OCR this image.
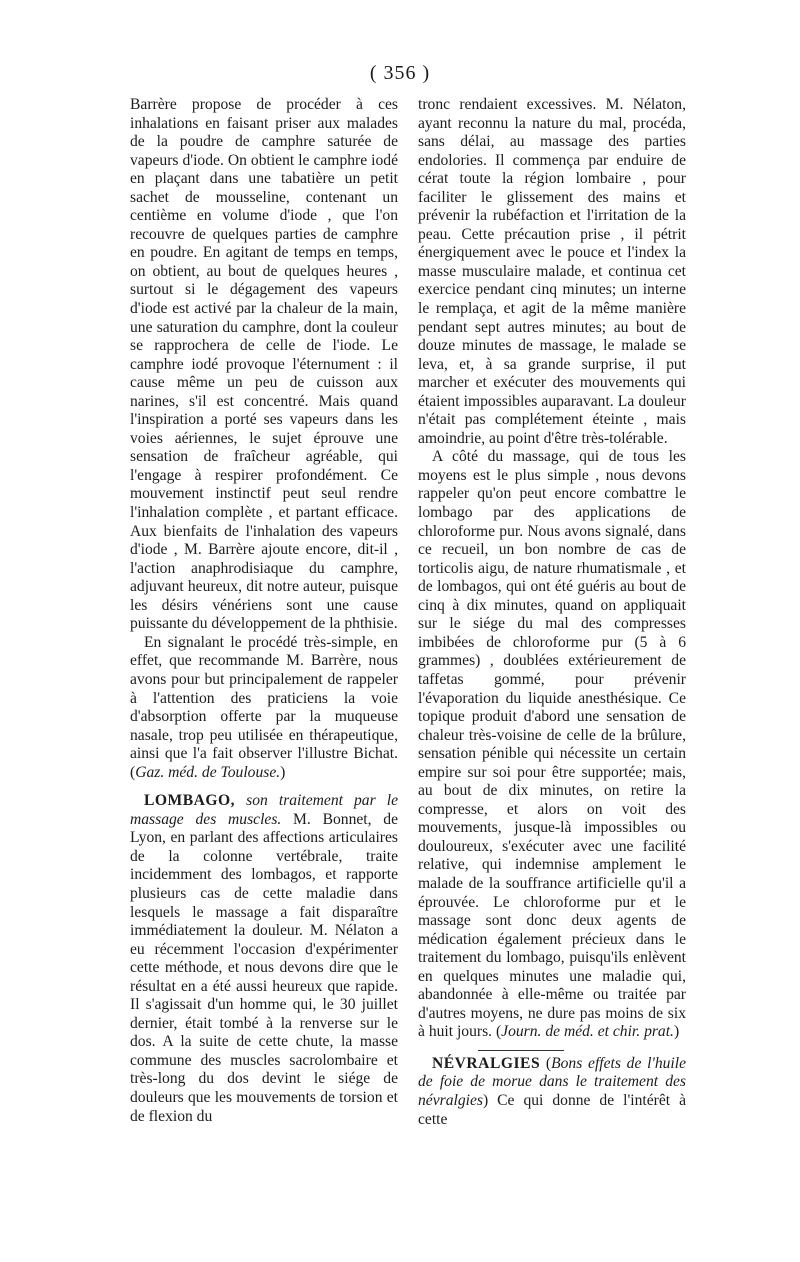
( 356 )

Barrère propose de procéder à ces inhalations en faisant priser aux malades de la poudre de camphre saturée de vapeurs d'iode. On obtient le camphre iodé en plaçant dans une tabatière un petit sachet de mousseline, contenant un centième en volume d'iode , que l'on recouvre de quelques parties de camphre en poudre. En agitant de temps en temps, on obtient, au bout de quelques heures , surtout si le dégagement des vapeurs d'iode est activé par la chaleur de la main, une saturation du camphre, dont la couleur se rapprochera de celle de l'iode. Le camphre iodé provoque l'éternument : il cause même un peu de cuisson aux narines, s'il est concentré. Mais quand l'inspiration a porté ses vapeurs dans les voies aériennes, le sujet éprouve une sensation de fraîcheur agréable, qui l'engage à respirer profondément. Ce mouvement instinctif peut seul rendre l'inhalation complète , et partant efficace. Aux bienfaits de l'inhalation des vapeurs d'iode , M. Barrère ajoute encore, dit-il , l'action anaphrodisiaque du camphre, adjuvant heureux, dit notre auteur, puisque les désirs vénériens sont une cause puissante du développement de la phthisie.

En signalant le procédé très-simple, en effet, que recommande M. Barrère, nous avons pour but principalement de rappeler à l'attention des praticiens la voie d'absorption offerte par la muqueuse nasale, trop peu utilisée en thérapeutique, ainsi que l'a fait observer l'illustre Bichat. (Gaz. méd. de Toulouse.)

LOMBAGO, son traitement par le massage des muscles. M. Bonnet, de Lyon, en parlant des affections articulaires de la colonne vertébrale, traite incidemment des lombagos, et rapporte plusieurs cas de cette maladie dans lesquels le massage a fait disparaître immédiatement la douleur. M. Nélaton a eu récemment l'occasion d'expérimenter cette méthode, et nous devons dire que le résultat en a été aussi heureux que rapide. Il s'agissait d'un homme qui, le 30 juillet dernier, était tombé à la renverse sur le dos. A la suite de cette chute, la masse commune des muscles sacrolombaire et très-long du dos devint le siége de douleurs que les mouvements de torsion et de flexion du

tronc rendaient excessives. M. Nélaton, ayant reconnu la nature du mal, procéda, sans délai, au massage des parties endolories. Il commença par enduire de cérat toute la région lombaire , pour faciliter le glissement des mains et prévenir la rubéfaction et l'irritation de la peau. Cette précaution prise , il pétrit énergiquement avec le pouce et l'index la masse musculaire malade, et continua cet exercice pendant cinq minutes; un interne le remplaça, et agit de la même manière pendant sept autres minutes; au bout de douze minutes de massage, le malade se leva, et, à sa grande surprise, il put marcher et exécuter des mouvements qui étaient impossibles auparavant. La douleur n'était pas complétement éteinte , mais amoindrie, au point d'être très-tolérable.

A côté du massage, qui de tous les moyens est le plus simple , nous devons rappeler qu'on peut encore combattre le lombago par des applications de chloroforme pur. Nous avons signalé, dans ce recueil, un bon nombre de cas de torticolis aigu, de nature rhumatismale , et de lombagos, qui ont été guéris au bout de cinq à dix minutes, quand on appliquait sur le siége du mal des compresses imbibées de chloroforme pur (5 à 6 grammes) , doublées extérieurement de taffetas gommé, pour prévenir l'évaporation du liquide anesthésique. Ce topique produit d'abord une sensation de chaleur très-voisine de celle de la brûlure, sensation pénible qui nécessite un certain empire sur soi pour être supportée; mais, au bout de dix minutes, on retire la compresse, et alors on voit des mouvements, jusque-là impossibles ou douloureux, s'exécuter avec une facilité relative, qui indemnise amplement le malade de la souffrance artificielle qu'il a éprouvée. Le chloroforme pur et le massage sont donc deux agents de médication également précieux dans le traitement du lombago, puisqu'ils enlèvent en quelques minutes une maladie qui, abandonnée à elle-même ou traitée par d'autres moyens, ne dure pas moins de six à huit jours. (Journ. de méd. et chir. prat.)

NÉVRALGIES (Bons effets de l'huile de foie de morue dans le traitement des névralgies) Ce qui donne de l'intérêt à cette
